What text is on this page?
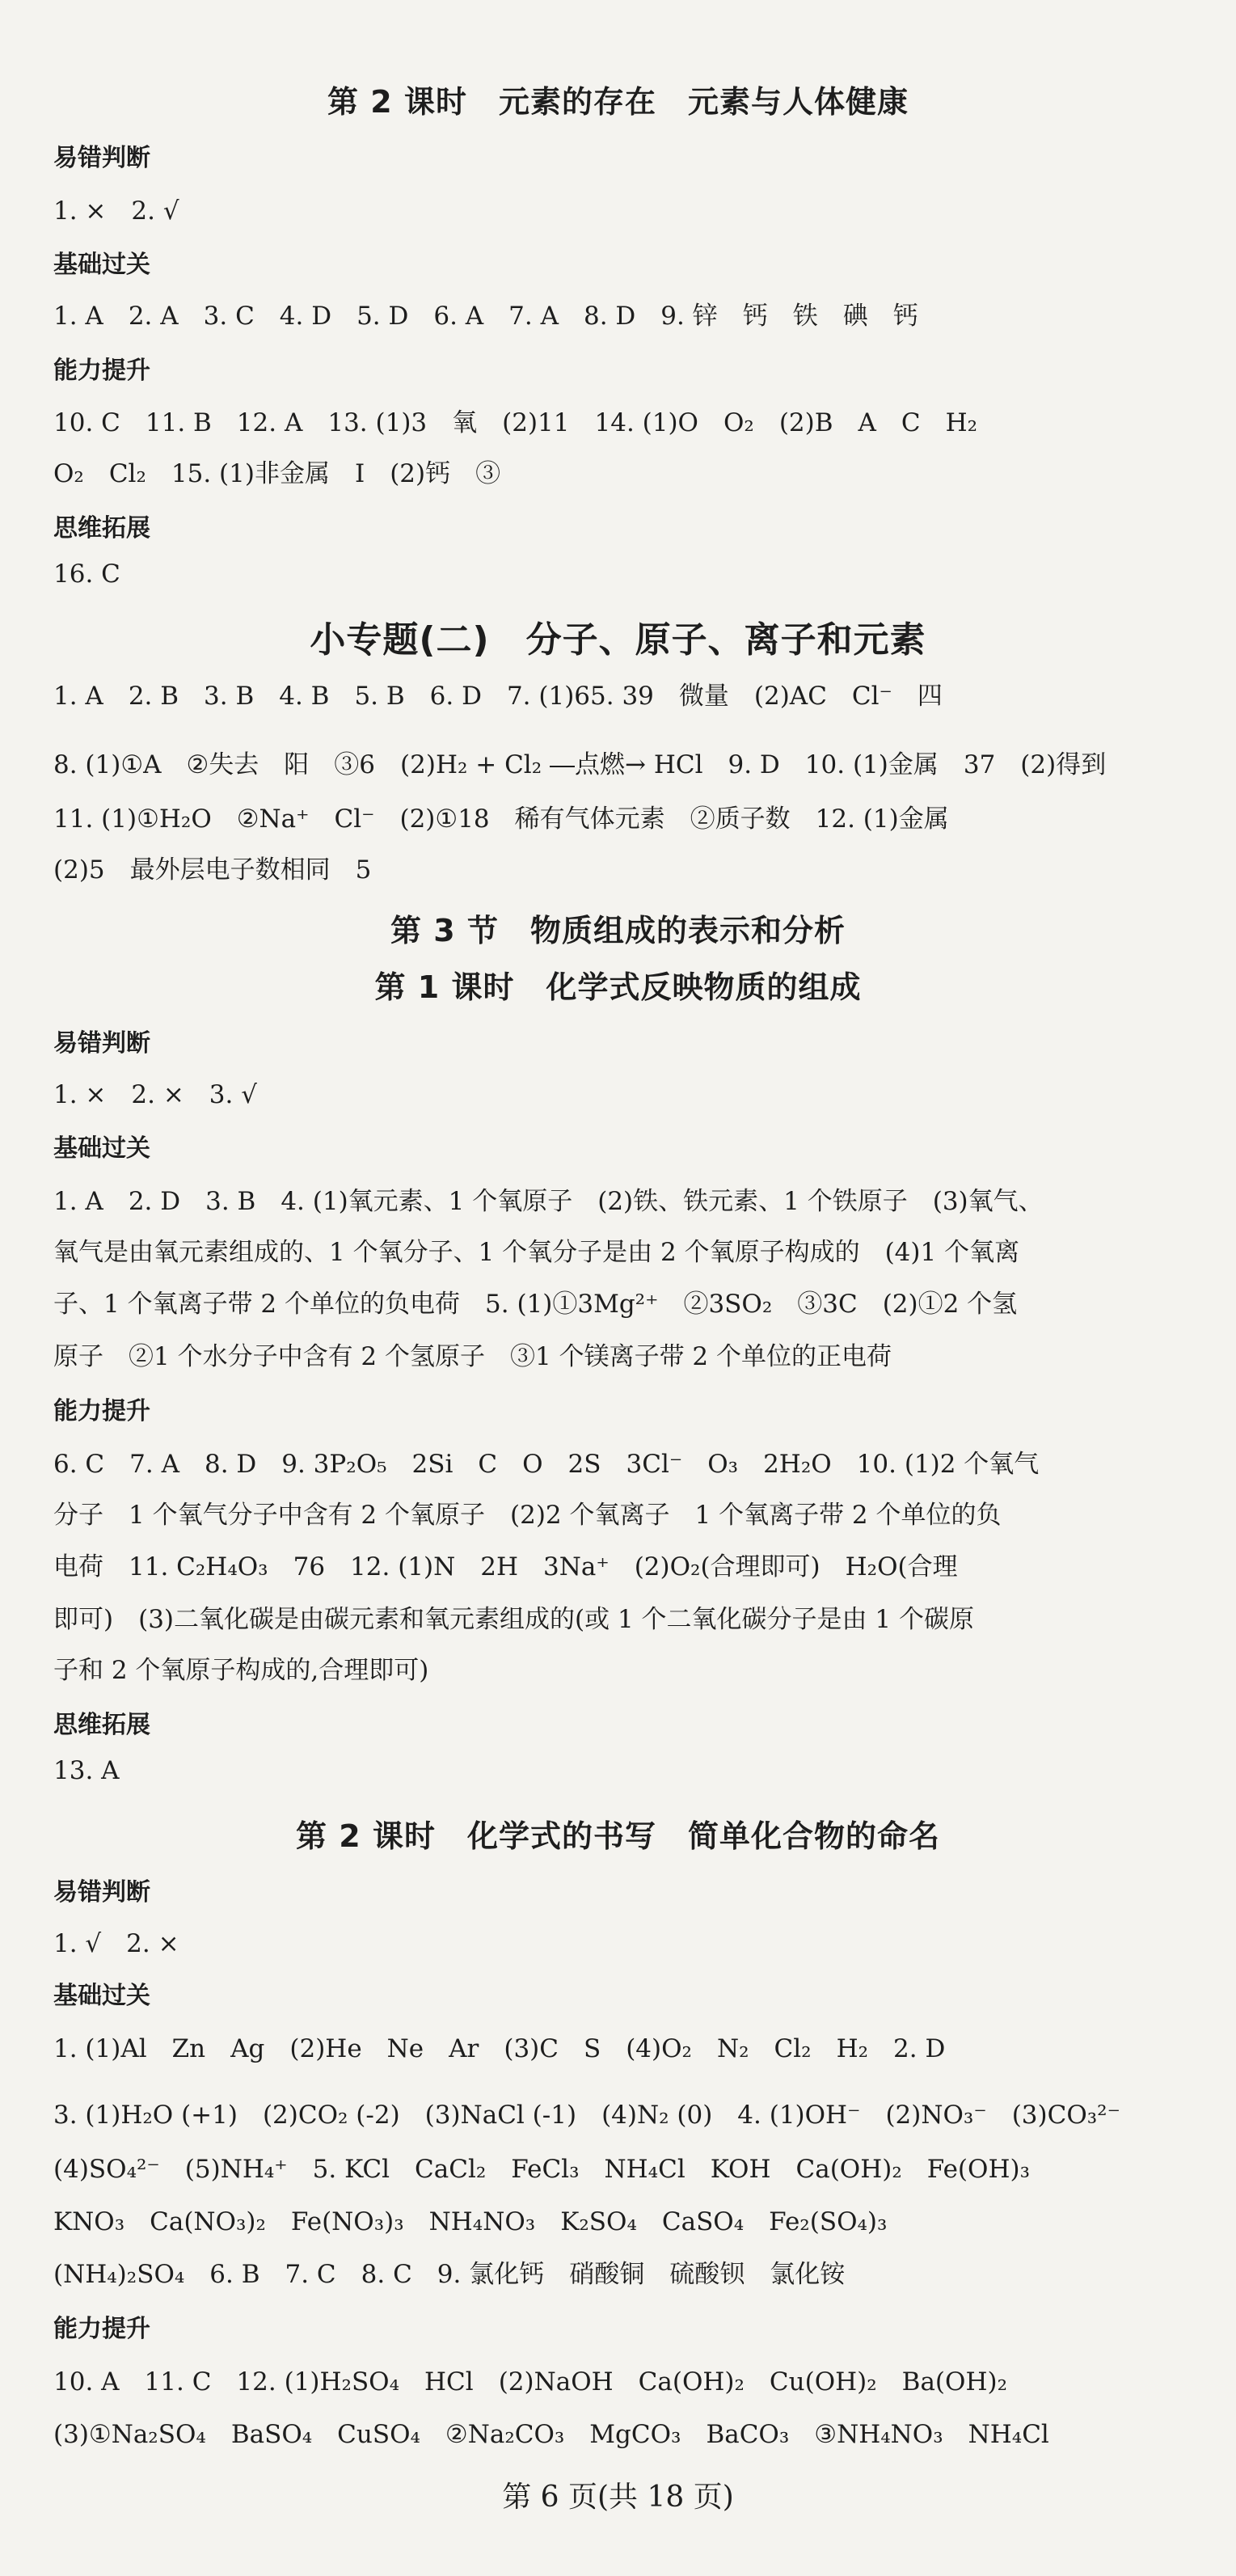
第 2 课时　元素的存在　元素与人体健康
易错判断
1. ×　2. √
基础过关
1. A　2. A　3. C　4. D　5. D　6. A　7. A　8. D　9. 锌　钙　铁　碘　钙
能力提升
10. C　11. B　12. A　13. (1)3　氧　(2)11　14. (1)O　O₂　(2)B　A　C　H₂
O₂　Cl₂　15. (1)非金属　I　(2)钙　③
思维拓展
16. C
小专题(二)　分子、原子、离子和元素
1. A　2. B　3. B　4. B　5. B　6. D　7. (1)65. 39　微量　(2)AC　Cl⁻　四
8. (1)①A　②失去　阳　③6　(2)H₂ + Cl₂ ―点燃→ HCl　9. D　10. (1)金属　37　(2)得到
11. (1)①H₂O　②Na⁺　Cl⁻　(2)①18　稀有气体元素　②质子数　12. (1)金属
(2)5　最外层电子数相同　5
第 3 节　物质组成的表示和分析
第 1 课时　化学式反映物质的组成
易错判断
1. ×　2. ×　3. √
基础过关
1. A　2. D　3. B　4. (1)氧元素、1 个氧原子　(2)铁、铁元素、1 个铁原子　(3)氧气、
氧气是由氧元素组成的、1 个氧分子、1 个氧分子是由 2 个氧原子构成的　(4)1 个氧离
子、1 个氧离子带 2 个单位的负电荷　5. (1)①3Mg²⁺　②3SO₂　③3C　(2)①2 个氢
原子　②1 个水分子中含有 2 个氢原子　③1 个镁离子带 2 个单位的正电荷
能力提升
6. C　7. A　8. D　9. 3P₂O₅　2Si　C　O　2S　3Cl⁻　O₃　2H₂O　10. (1)2 个氧气
分子　1 个氧气分子中含有 2 个氧原子　(2)2 个氧离子　1 个氧离子带 2 个单位的负
电荷　11. C₂H₄O₃　76　12. (1)N　2H　3Na⁺　(2)O₂(合理即可)　H₂O(合理
即可)　(3)二氧化碳是由碳元素和氧元素组成的(或 1 个二氧化碳分子是由 1 个碳原
子和 2 个氧原子构成的,合理即可)
思维拓展
13. A
第 2 课时　化学式的书写　简单化合物的命名
易错判断
1. √　2. ×
基础过关
1. (1)Al　Zn　Ag　(2)He　Ne　Ar　(3)C　S　(4)O₂　N₂　Cl₂　H₂　2. D
3. (1)H₂O (+1)　(2)CO₂ (-2)　(3)NaCl (-1)　(4)N₂ (0)　4. (1)OH⁻　(2)NO₃⁻　(3)CO₃²⁻
(4)SO₄²⁻　(5)NH₄⁺　5. KCl　CaCl₂　FeCl₃　NH₄Cl　KOH　Ca(OH)₂　Fe(OH)₃
KNO₃　Ca(NO₃)₂　Fe(NO₃)₃　NH₄NO₃　K₂SO₄　CaSO₄　Fe₂(SO₄)₃
(NH₄)₂SO₄　6. B　7. C　8. C　9. 氯化钙　硝酸铜　硫酸钡　氯化铵
能力提升
10. A　11. C　12. (1)H₂SO₄　HCl　(2)NaOH　Ca(OH)₂　Cu(OH)₂　Ba(OH)₂
(3)①Na₂SO₄　BaSO₄　CuSO₄　②Na₂CO₃　MgCO₃　BaCO₃　③NH₄NO₃　NH₄Cl
第 6 页(共 18 页)
